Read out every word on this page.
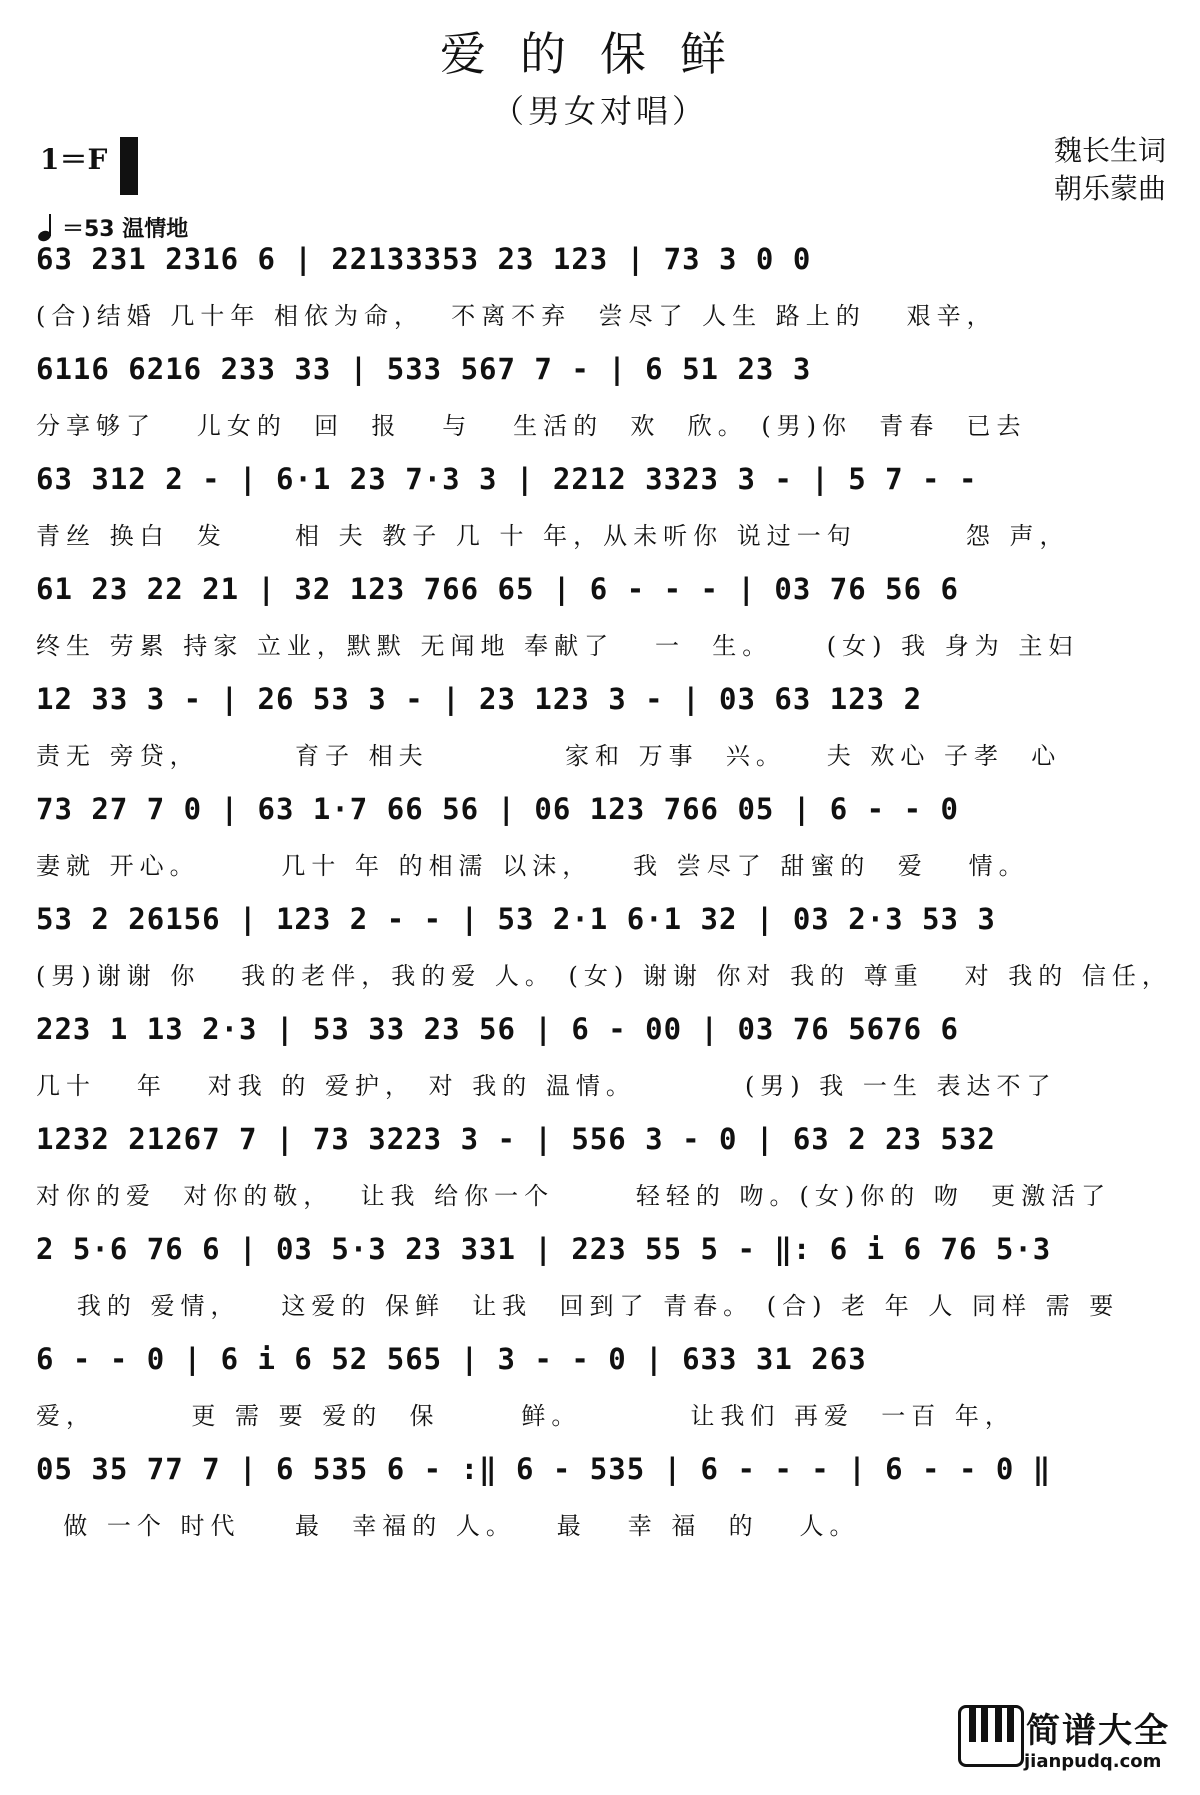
爱的保鲜
（男女对唱）
1＝F	魏长生词
朝乐蒙曲
＝53 温情地
63 231 2316 6 | 22133353 23 123 | 73 3 0 0
(合)结婚 几十年 相依为命，  不离不弃  尝尽了 人生 路上的   艰辛，
6116 6216 233 33 | 533 567 7 - | 6 51 23 3
分享够了   儿女的  回  报   与   生活的  欢  欣。 (男)你  青春  已去
63 312 2 - | 6·1 23 7·3 3 | 2212 3323 3 - | 5 7 - -
青丝 换白  发     相 夫 教子 几 十 年，从未听你 说过一句        怨 声，
61 23 22 21 | 32 123 766 65 | 6 - - - | 03 76 56 6
终生 劳累 持家 立业，默默 无闻地 奉献了   一  生。    (女) 我 身为 主妇
12 33 3 - | 26 53 3 - | 23 123 3 - | 03 63 123 2
责无 旁贷，       育子 相夫          家和 万事  兴。   夫 欢心 子孝  心
73 27 7 0 | 63 1·7 66 56 | 06 123 766 05 | 6 - - 0
妻就 开心。      几十 年 的相濡 以沫，   我 尝尽了 甜蜜的  爱   情。
53 2 26156 | 123 2 - - | 53 2·1 6·1 32 | 03 2·3 53 3
(男)谢谢 你   我的老伴，我的爱 人。 (女) 谢谢 你对 我的 尊重   对 我的 信任，
223 1 13 2·3 | 53 33 23 56 | 6 - 00 | 03 76 5676 6
几十   年   对我 的 爱护， 对 我的 温情。        (男) 我 一生 表达不了
1232 21267 7 | 73 3223 3 - | 556 3 - 0 | 63 2 23 532
对你的爱  对你的敬，  让我 给你一个      轻轻的 吻。(女)你的 吻  更激活了
2 5·6 76 6 | 03 5·3 23 331 | 223 55 5 - ‖: 6 i 6 76 5·3
我的 爱情，   这爱的 保鲜  让我  回到了 青春。 (合) 老 年 人 同样 需 要
6 - - 0 | 6 i 6 52 565 | 3 - - 0 | 633 31 263
爱，       更 需 要 爱的  保      鲜。        让我们 再爱  一百 年，
05 35 77 7 | 6 535 6 - :‖ 6 - 535 | 6 - - - | 6 - - 0 ‖
做 一个 时代    最  幸福的 人。   最   幸 福  的   人。
简谱大全
jianpudq.com
